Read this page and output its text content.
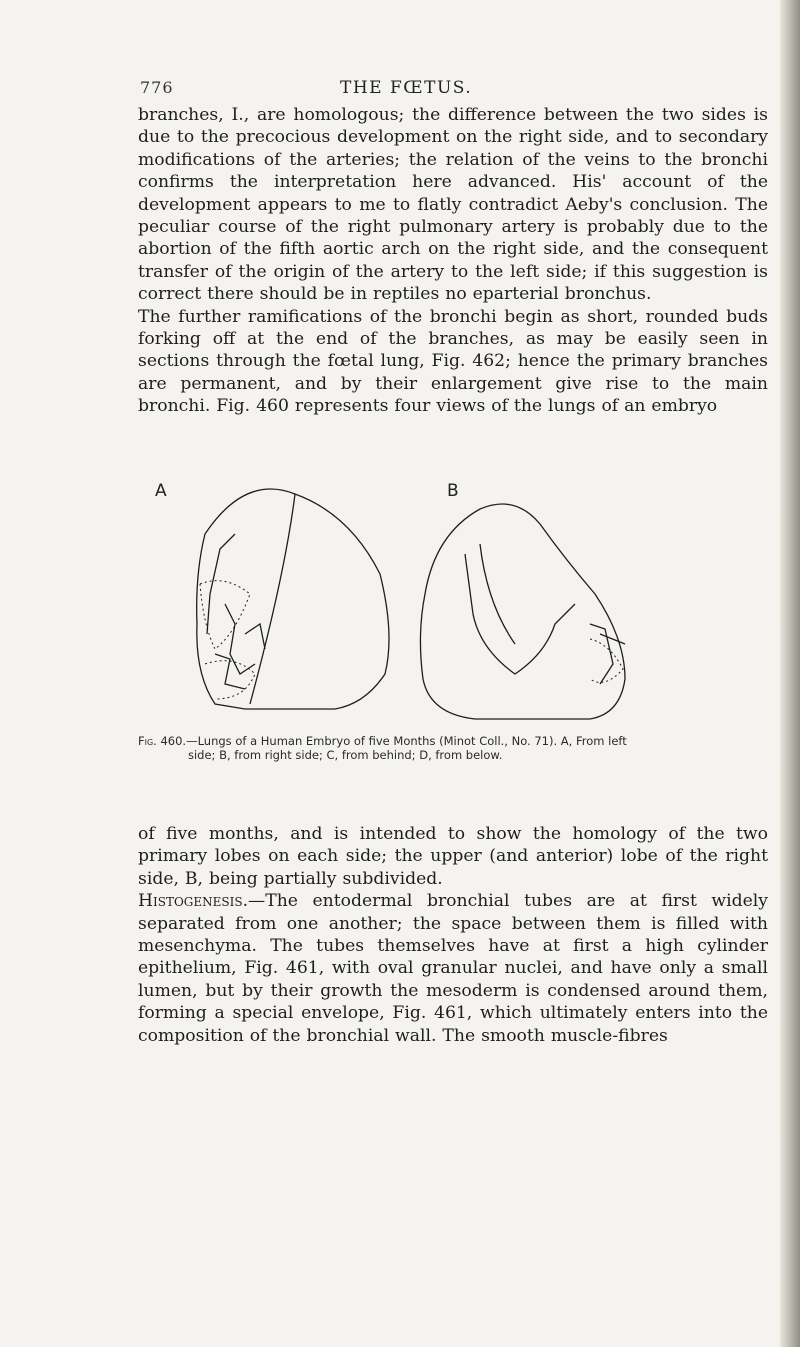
776	THE FŒTUS.

branches, I., are homologous; the difference between the two sides is due to the precocious development on the right side, and to secondary modifications of the arteries; the relation of the veins to the bronchi confirms the interpretation here advanced. His' account of the development appears to me to flatly contradict Aeby's conclusion. The peculiar course of the right pulmonary artery is probably due to the abortion of the fifth aortic arch on the right side, and the consequent transfer of the origin of the artery to the left side; if this suggestion is correct there should be in reptiles no eparterial bronchus.

The further ramifications of the bronchi begin as short, rounded buds forking off at the end of the branches, as may be easily seen in sections through the fœtal lung, Fig. 462; hence the primary branches are permanent, and by their enlargement give rise to the main bronchi. Fig. 460 represents four views of the lungs of an embryo

A	B
Fig. 460.—Lungs of a Human Embryo of five Months (Minot Coll., No. 71). A, From left
side; B, from right side; C, from behind; D, from below.

of five months, and is intended to show the homology of the two primary lobes on each side; the upper (and anterior) lobe of the right side, B, being partially subdivided.

Histogenesis.—The entodermal bronchial tubes are at first widely separated from one another; the space between them is filled with mesenchyma. The tubes themselves have at first a high cylinder epithelium, Fig. 461, with oval granular nuclei, and have only a small lumen, but by their growth the mesoderm is condensed around them, forming a special envelope, Fig. 461, which ultimately enters into the composition of the bronchial wall. The smooth muscle-fibres
